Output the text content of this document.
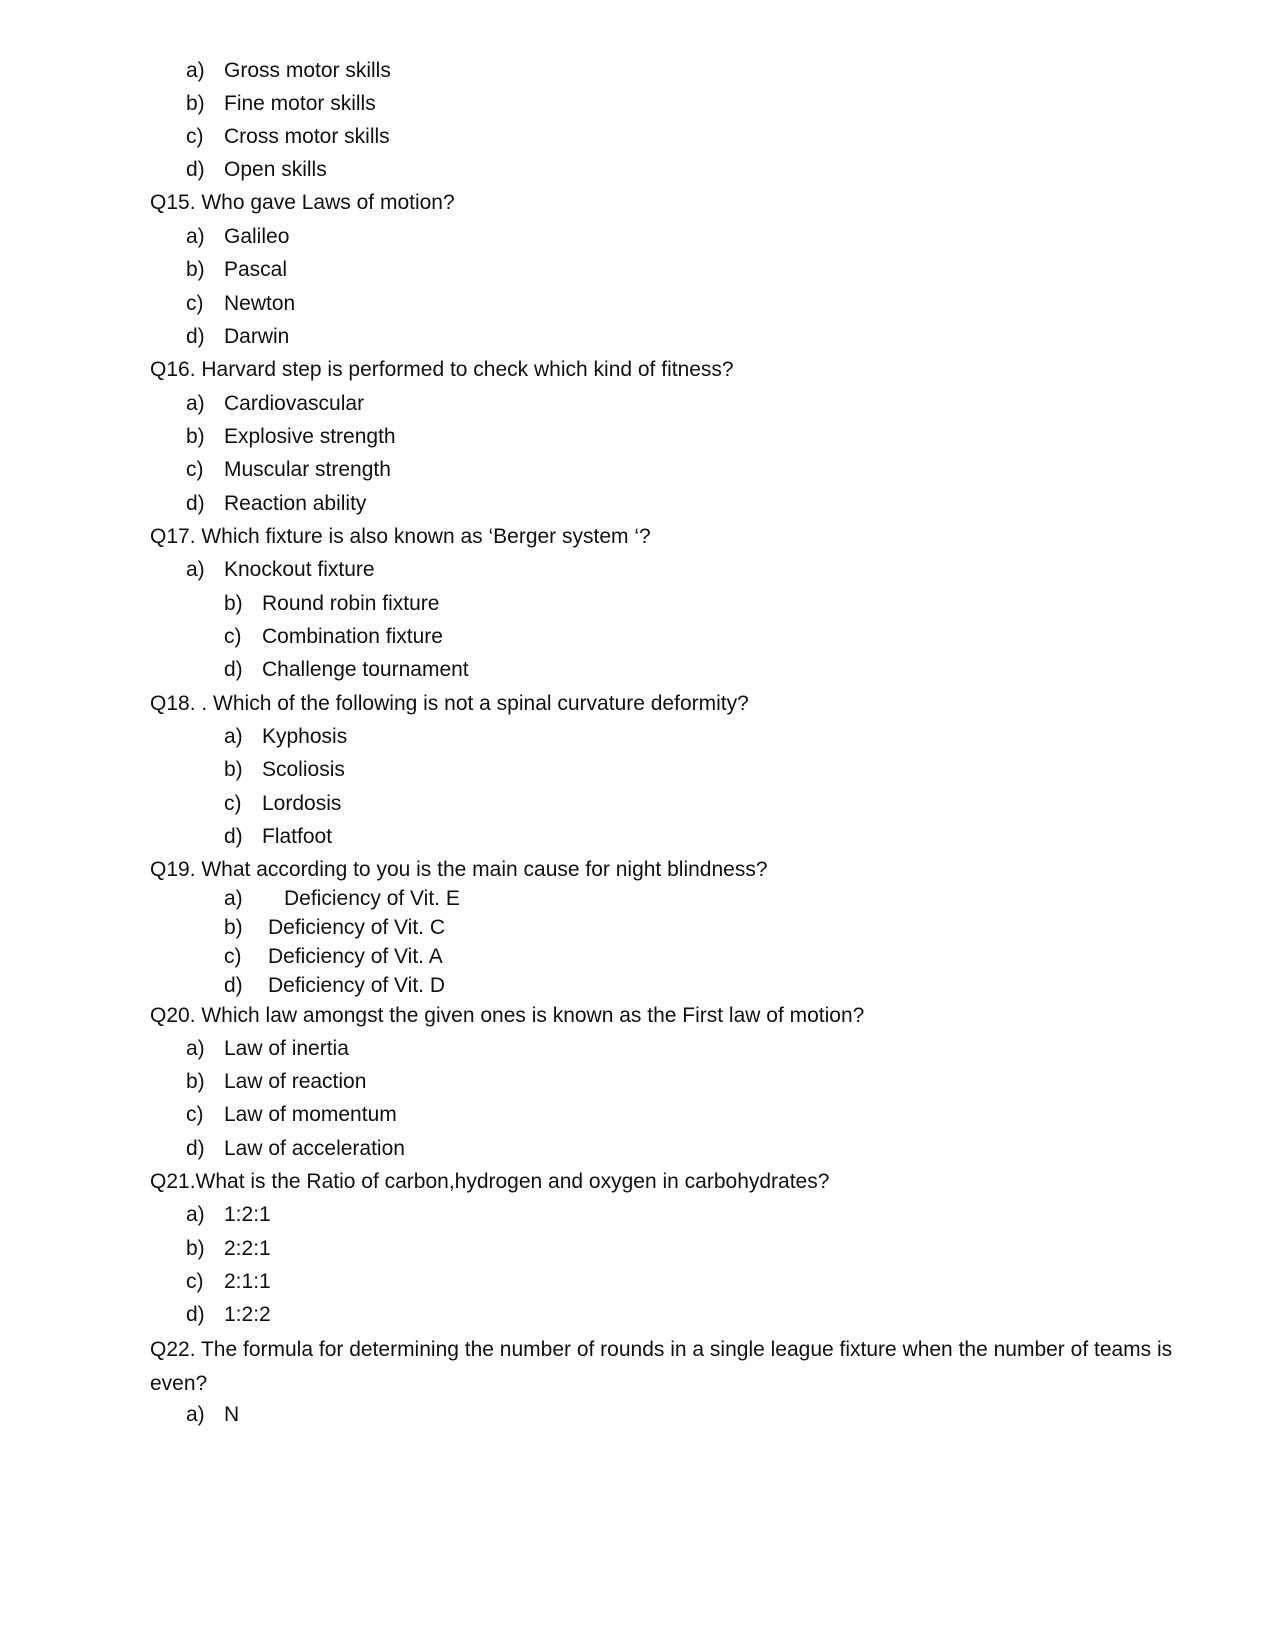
a) Gross motor skills
b) Fine motor skills
c) Cross motor skills
d) Open skills
Q15. Who gave Laws of motion?
a) Galileo
b) Pascal
c) Newton
d) Darwin
Q16. Harvard step is performed to check which kind of fitness?
a) Cardiovascular
b) Explosive strength
c) Muscular strength
d) Reaction ability
Q17. Which fixture is also known as ‘Berger system ‘?
a) Knockout fixture
b) Round robin fixture
c) Combination fixture
d) Challenge tournament
Q18. . Which of the following is not a spinal curvature deformity?
a) Kyphosis
b) Scoliosis
c) Lordosis
d) Flatfoot
Q19. What according to you is the main cause for night blindness?
a) Deficiency of Vit. E
b) Deficiency of Vit. C
c) Deficiency of Vit. A
d) Deficiency of Vit. D
Q20. Which law amongst the given ones is known as the First law of motion?
a) Law of inertia
b) Law of reaction
c) Law of momentum
d) Law of acceleration
Q21.What is the Ratio of carbon,hydrogen and oxygen in carbohydrates?
a) 1:2:1
b) 2:2:1
c) 2:1:1
d) 1:2:2
Q22. The formula for determining the number of rounds in a single league fixture when the number of teams is even?
a) N
